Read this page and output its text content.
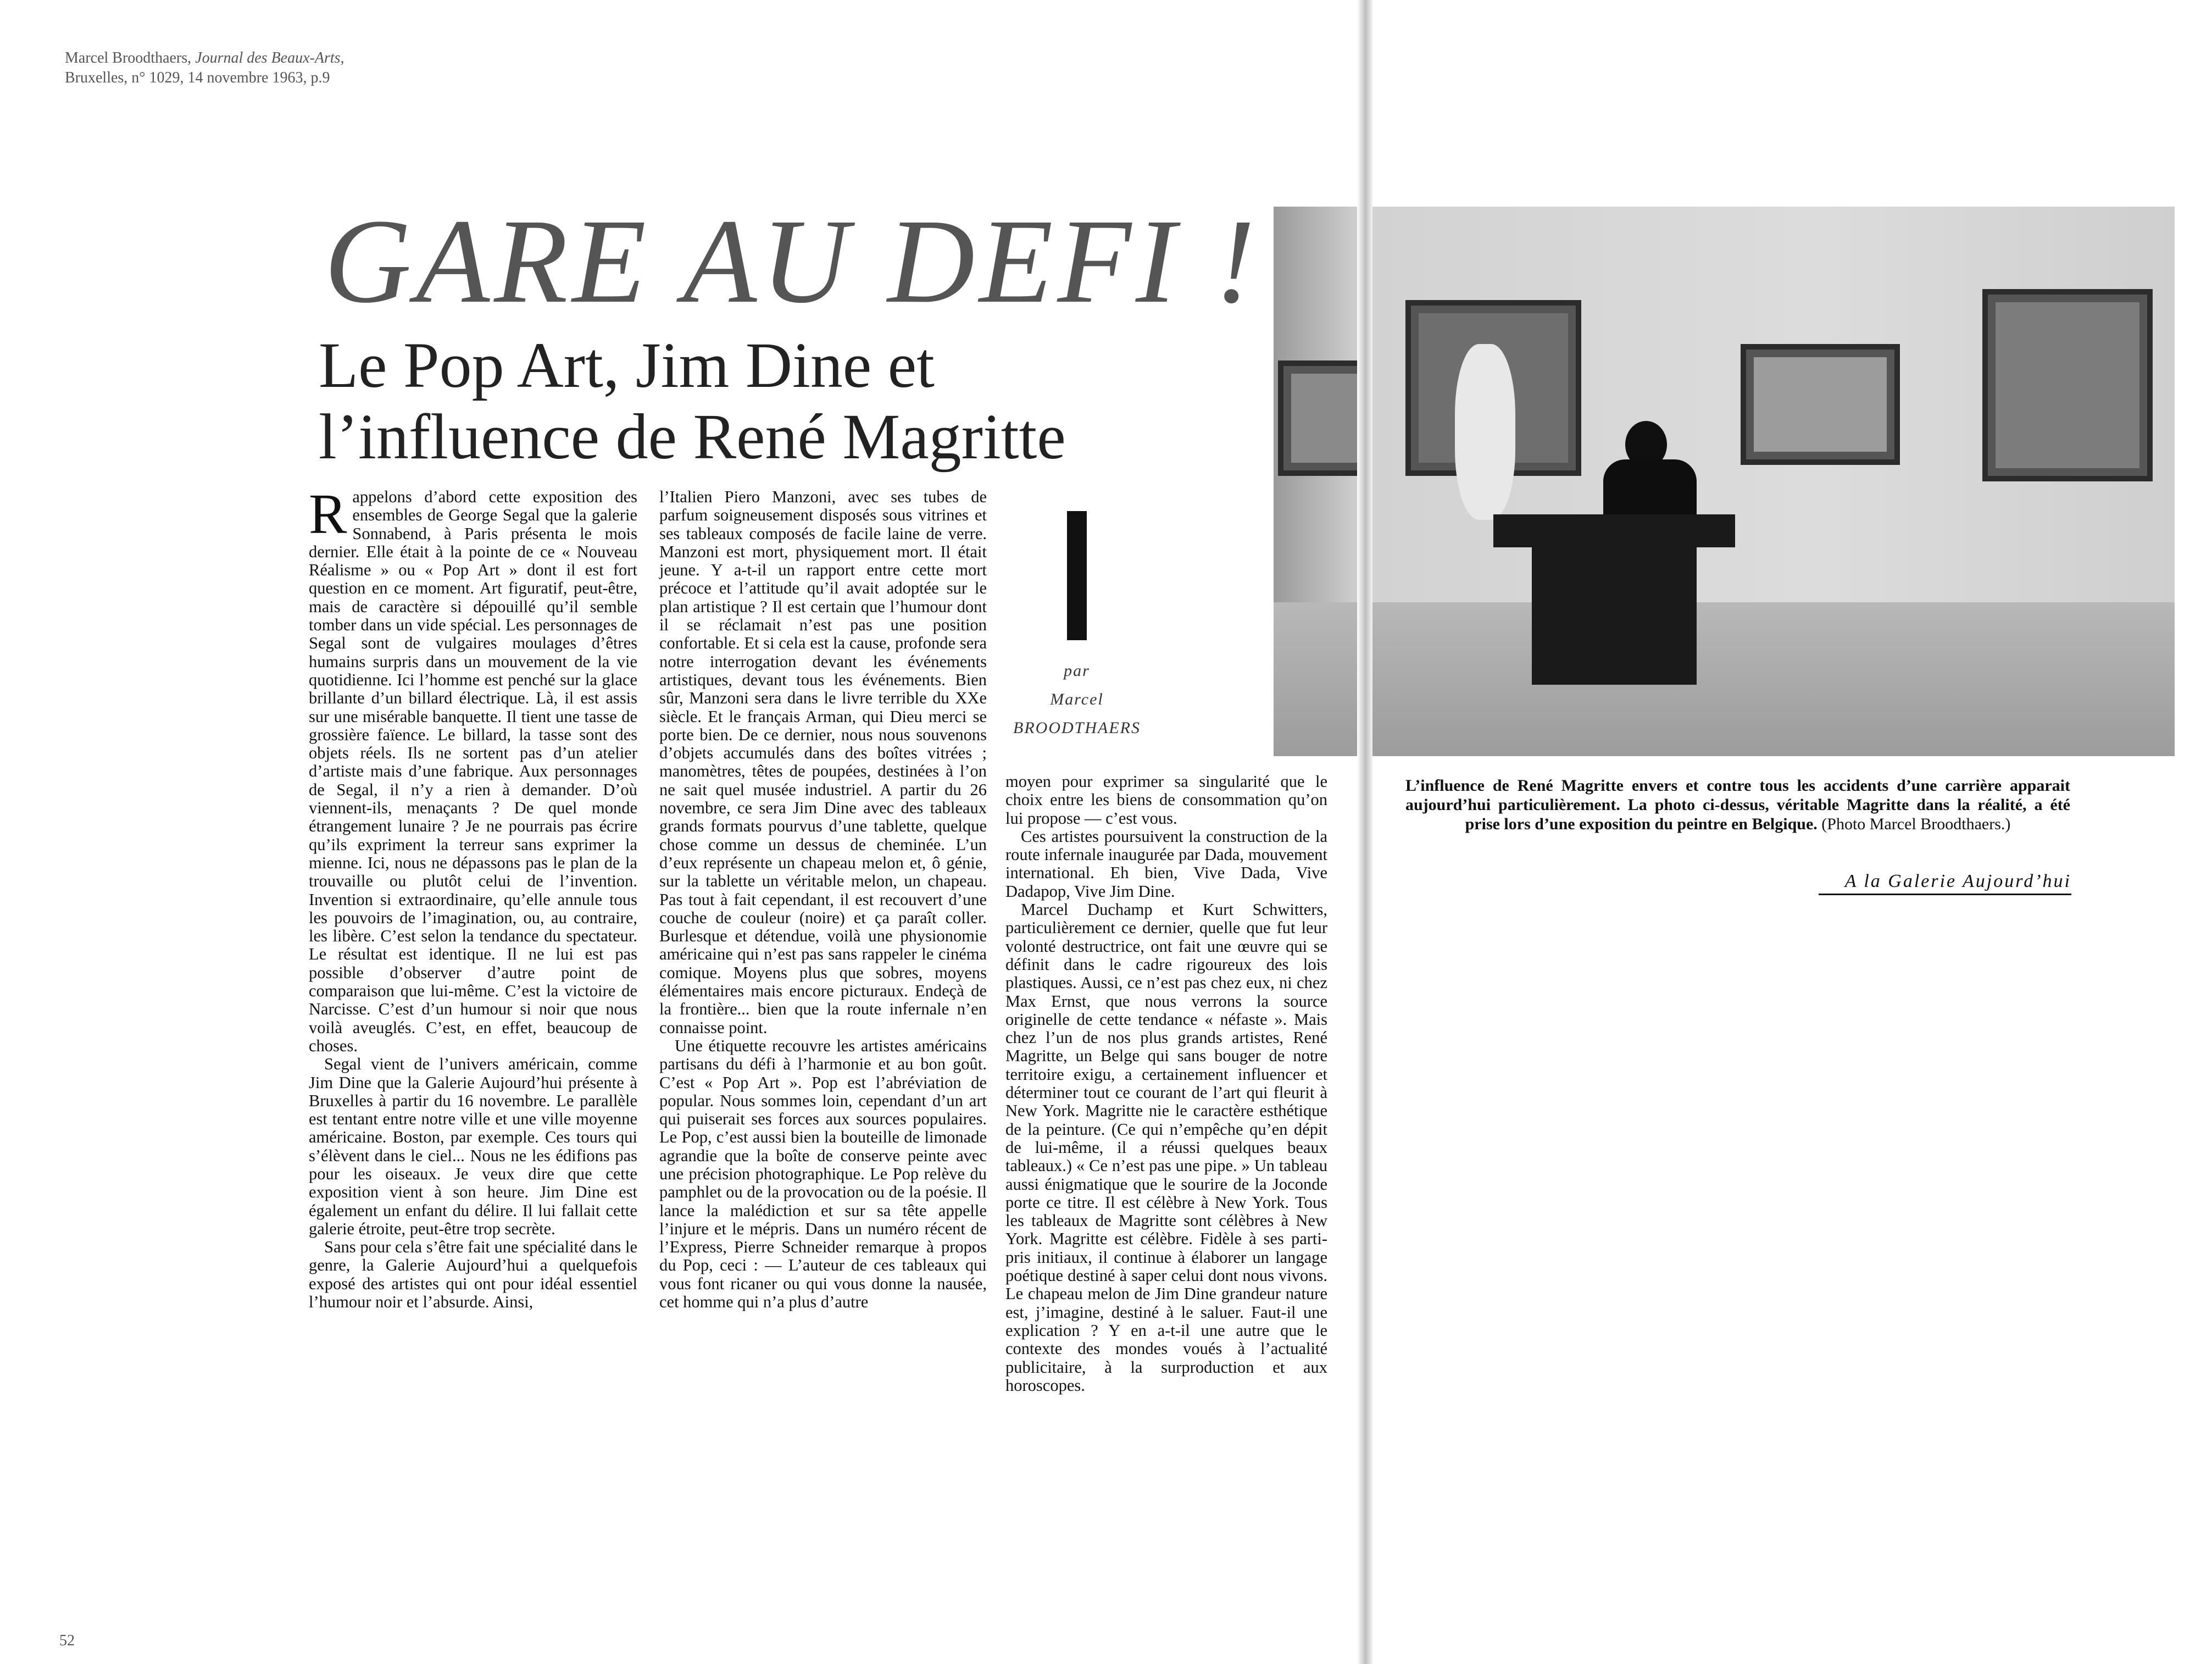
Marcel Broodthaers, Journal des Beaux-Arts, Bruxelles, n° 1029, 14 novembre 1963, p.9
GARE AU DEFI !
Le Pop Art, Jim Dine et
l’influence de René Magritte

Rappelons d’abord cette exposition des ensembles de George Segal que la galerie Sonnabend, à Paris présenta le mois dernier. Elle était à la pointe de ce « Nouveau Réalisme » ou « Pop Art » dont il est fort question en ce moment. Art figuratif, peut-être, mais de caractère si dépouillé qu’il semble tomber dans un vide spécial. Les personnages de Segal sont de vulgaires moulages d’êtres humains surpris dans un mouvement de la vie quotidienne. Ici l’homme est penché sur la glace brillante d’un billard électrique. Là, il est assis sur une misérable banquette. Il tient une tasse de grossière faïence. Le billard, la tasse sont des objets réels. Ils ne sortent pas d’un atelier d’artiste mais d’une fabrique. Aux personnages de Segal, il n’y a rien à demander. D’où viennent-ils, menaçants ? De quel monde étrangement lunaire ? Je ne pourrais pas écrire qu’ils expriment la terreur sans exprimer la mienne. Ici, nous ne dépassons pas le plan de la trouvaille ou plutôt celui de l’invention. Invention si extraordinaire, qu’elle annule tous les pouvoirs de l’imagination, ou, au contraire, les libère. C’est selon la tendance du spectateur. Le résultat est identique. Il ne lui est pas possible d’observer d’autre point de comparaison que lui-même. C’est la victoire de Narcisse. C’est d’un humour si noir que nous voilà aveuglés. C’est, en effet, beaucoup de choses.

Segal vient de l’univers américain, comme Jim Dine que la Galerie Aujourd’hui présente à Bruxelles à partir du 16 novembre. Le parallèle est tentant entre notre ville et une ville moyenne américaine. Boston, par exemple. Ces tours qui s’élèvent dans le ciel... Nous ne les édifions pas pour les oiseaux. Je veux dire que cette exposition vient à son heure. Jim Dine est également un enfant du délire. Il lui fallait cette galerie étroite, peut-être trop secrète.

Sans pour cela s’être fait une spécialité dans le genre, la Galerie Aujourd’hui a quelquefois exposé des artistes qui ont pour idéal essentiel l’humour noir et l’absurde. Ainsi,

l’Italien Piero Manzoni, avec ses tubes de parfum soigneusement disposés sous vitrines et ses tableaux composés de facile laine de verre. Manzoni est mort, physiquement mort. Il était jeune. Y a-t-il un rapport entre cette mort précoce et l’attitude qu’il avait adoptée sur le plan artistique ? Il est certain que l’humour dont il se réclamait n’est pas une position confortable. Et si cela est la cause, profonde sera notre interrogation devant les événements artistiques, devant tous les événements. Bien sûr, Manzoni sera dans le livre terrible du XXe siècle. Et le français Arman, qui Dieu merci se porte bien. De ce dernier, nous nous souvenons d’objets accumulés dans des boîtes vitrées ; manomètres, têtes de poupées, destinées à l’on ne sait quel musée industriel. A partir du 26 novembre, ce sera Jim Dine avec des tableaux grands formats pourvus d’une tablette, quelque chose comme un dessus de cheminée. L’un d’eux représente un chapeau melon et, ô génie, sur la tablette un véritable melon, un chapeau. Pas tout à fait cependant, il est recouvert d’une couche de couleur (noire) et ça paraît coller. Burlesque et détendue, voilà une physionomie américaine qui n’est pas sans rappeler le cinéma comique. Moyens plus que sobres, moyens élémentaires mais encore picturaux. Endeçà de la frontière... bien que la route infernale n’en connaisse point.

Une étiquette recouvre les artistes américains partisans du défi à l’harmonie et au bon goût. C’est « Pop Art ». Pop est l’abréviation de popular. Nous sommes loin, cependant d’un art qui puiserait ses forces aux sources populaires. Le Pop, c’est aussi bien la bouteille de limonade agrandie que la boîte de conserve peinte avec une précision photographique. Le Pop relève du pamphlet ou de la provocation ou de la poésie. Il lance la malédiction et sur sa tête appelle l’injure et le mépris. Dans un numéro récent de l’Express, Pierre Schneider remarque à propos du Pop, ceci : — L’auteur de ces tableaux qui vous font ricaner ou qui vous donne la nausée, cet homme qui n’a plus d’autre

par
Marcel
BROODTHAERS

moyen pour exprimer sa singularité que le choix entre les biens de consommation qu’on lui propose — c’est vous.

Ces artistes poursuivent la construction de la route infernale inaugurée par Dada, mouvement international. Eh bien, Vive Dada, Vive Dadapop, Vive Jim Dine.

Marcel Duchamp et Kurt Schwitters, particulièrement ce dernier, quelle que fut leur volonté destructrice, ont fait une œuvre qui se définit dans le cadre rigoureux des lois plastiques. Aussi, ce n’est pas chez eux, ni chez Max Ernst, que nous verrons la source originelle de cette tendance « néfaste ». Mais chez l’un de nos plus grands artistes, René Magritte, un Belge qui sans bouger de notre territoire exigu, a certainement influencer et déterminer tout ce courant de l’art qui fleurit à New York. Magritte nie le caractère esthétique de la peinture. (Ce qui n’empêche qu’en dépit de lui-même, il a réussi quelques beaux tableaux.) « Ce n’est pas une pipe. » Un tableau aussi énigmatique que le sourire de la Joconde porte ce titre. Il est célèbre à New York. Tous les tableaux de Magritte sont célèbres à New York. Magritte est célèbre. Fidèle à ses parti-pris initiaux, il continue à élaborer un langage poétique destiné à saper celui dont nous vivons. Le chapeau melon de Jim Dine grandeur nature est, j’imagine, destiné à le saluer. Faut-il une explication ? Y en a-t-il une autre que le contexte des mondes voués à l’actualité publicitaire, à la surproduction et aux horoscopes.

L’influence de René Magritte envers et contre tous les accidents d’une carrière apparait aujourd’hui particulièrement. La photo ci-dessus, véritable Magritte dans la réalité, a été prise lors d’une exposition du peintre en Belgique. (Photo Marcel Broodthaers.)
A la Galerie Aujourd’hui
52
